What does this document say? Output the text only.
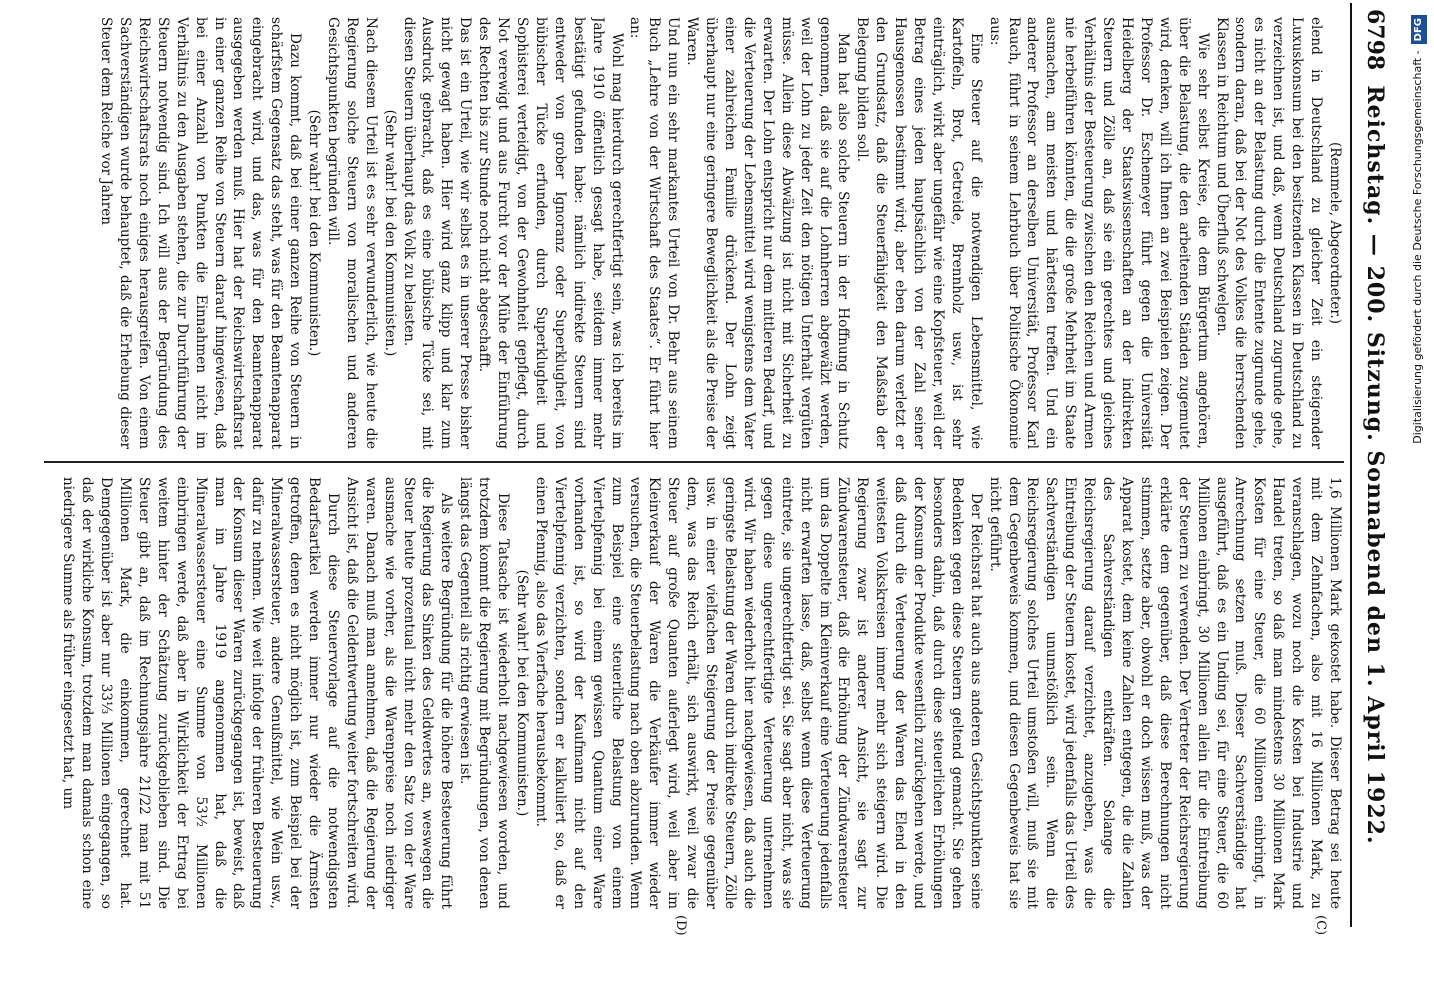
Reichstag. — 200. Sitzung. Sonnabend den 1. April 1922.
6798

(Remmele, Abgeordneter.)

elend in Deutschland zu gleicher Zeit ein steigender Luxuskonsum bei den besitzenden Klassen in Deutschland zu verzeichnen ist, und daß, wenn Deutschland zugrunde gehe, es nicht an der Belastung durch die Entente zugrunde gehe, sondern daran, daß bei der Not des Volkes die herrschenden Klassen in Reichtum und Überfluß schwelgen.

Wie sehr selbst Kreise, die dem Bürgertum angehören, über die Belastung, die den arbeitenden Ständen zugemutet wird, denken, will ich Ihnen an zwei Beispielen zeigen. Der Professor Dr. Eschemeyer führt gegen die Universität Heidelberg der Staatswissenschaften an der indirekten Steuern und Zölle an, daß sie ein gerechtes und gleiches Verhältnis der Besteuerung zwischen den Reichen und Armen nie herbeiführen könnten, die die große Mehrheit im Staate ausmachen, am meisten und härtesten treffen. Und ein anderer Professor an derselben Universität, Professor Karl Rauch, führt in seinem Lehrbuch über Politische Ökonomie aus:

Eine Steuer auf die notwendigen Lebensmittel, wie Kartoffeln, Brot, Getreide, Brennholz usw., ist sehr einträglich, wirkt aber ungefähr wie eine Kopfsteuer, weil der Betrag eines jeden hauptsächlich von der Zahl seiner Hausgenossen bestimmt wird; aber eben darum verletzt er den Grundsatz, daß die Steuerfähigkeit den Maßstab der Belegung bilden soll.

Man hat also solche Steuern in der Hoffnung in Schutz genommen, daß sie auf die Lohnherren abgewälzt werden, weil der Lohn zu jeder Zeit den nötigen Unterhalt vergüten müsse. Allein diese Abwälzung ist nicht mit Sicherheit zu erwarten. Der Lohn entspricht nur dem mittleren Bedarf, und die Verteuerung der Lebensmittel wird wenigstens dem Vater einer zahlreichen Familie drückend. Der Lohn zeigt überhaupt nur eine geringere Beweglichkeit als die Preise der Waren.

Und nun ein sehr markantes Urteil von Dr. Behr aus seinem Buch „Lehre von der Wirtschaft des Staates“. Er führt hier an:

Wohl mag hierdurch gerechtfertigt sein, was ich bereits im Jahre 1910 öffentlich gesagt habe, seitdem immer mehr bestätigt gefunden habe: nämlich indirekte Steuern sind entweder von grober Ignoranz oder Superklugheit, von bübischer Tücke erfunden, durch Superklugheit und Sophisterei verteidigt, von der Gewohnheit gepflegt, durch Not verewigt und aus Furcht vor der Mühe der Einführung des Rechten bis zur Stunde noch nicht abgeschafft.

Das ist ein Urteil, wie wir selbst es in unserer Presse bisher nicht gewagt haben. Hier wird ganz klipp und klar zum Ausdruck gebracht, daß es eine bübische Tücke sei, mit diesen Steuern überhaupt das Volk zu belasten.

(Sehr wahr! bei den Kommunisten.)

Nach diesem Urteil ist es sehr verwunderlich, wie heute die Regierung solche Steuern von moralischen und anderen Gesichtspunkten begründen will.

(Sehr wahr! bei den Kommunisten.)

Dazu kommt, daß bei einer ganzen Reihe von Steuern in schärfstem Gegensatz das steht, was für den Beamtenapparat eingebracht wird, und das, was für den Beamtenapparat ausgegeben werden muß. Hier hat der Reichswirtschaftsrat in einer ganzen Reihe von Steuern darauf hingewiesen, daß bei einer Anzahl von Punkten die Einnahmen nicht im Verhältnis zu den Ausgaben stehen, die zur Durchführung der Steuern notwendig sind. Ich will aus der Begründung des Reichswirtschaftsrats noch einiges herausgreifen. Von einem Sachverständigen wurde behauptet, daß die Erhebung dieser Steuer dem Reiche vor Jahren

1,6 Millionen Mark gekostet habe. Dieser Betrag sei heute mit dem Zehnfachen, also mit 16 Millionen Mark, zu veranschlagen, wozu noch die Kosten bei Industrie und Handel treten, so daß man mindestens 30 Millionen Mark Kosten für eine Steuer, die 60 Millionen einbringt, in Anrechnung setzen muß. Dieser Sachverständige hat ausgeführt, daß es ein Unding sei, für eine Steuer, die 60 Millionen einbringt, 30 Millionen allein für die Eintreibung der Steuern zu verwenden. Der Vertreter der Reichsregierung erklärte dem gegenüber, daß diese Berechnungen nicht stimmen, setzte aber, obwohl er doch wissen muß, was der Apparat kostet, dem keine Zahlen entgegen, die die Zahlen des Sachverständigen entkräften. Solange die Reichsregierung darauf verzichtet, anzugeben, was die Eintreibung der Steuern kostet, wird jedenfalls das Urteil des Sachverständigen unumstößlich sein. Wenn die Reichsregierung solches Urteil umstoßen will, muß sie mit dem Gegenbeweis kommen, und diesen Gegenbeweis hat sie nicht geführt.

Der Reichsrat hat auch aus anderen Gesichtspunkten seine Bedenken gegen diese Steuern geltend gemacht. Sie gehen besonders dahin, daß durch diese steuerlichen Erhöhungen der Konsum der Produkte wesentlich zurückgehen werde, und daß durch die Verteuerung der Waren das Elend in den weitesten Volkskreisen immer mehr sich steigern wird. Die Regierung zwar ist anderer Ansicht, sie sagt zur Zündwarensteuer, daß die Erhöhung der Zündwarensteuer um das Doppelte im Kleinverkauf eine Verteuerung jedenfalls nicht erwarten lasse, daß, selbst wenn diese Verteuerung eintrete, sie ungerechtfertigt sei. Sie sagt aber nicht, was sie gegen diese ungerechtfertigte Verteuerung unternehmen wird. Wir haben wiederholt hier nachgewiesen, daß auch die geringste Belastung der Waren durch indirekte Steuern, Zölle usw. in einer vielfachen Steigerung der Preise gegenüber dem, was das Reich erhält, sich auswirkt, weil zwar die Steuer auf große Quanten auferlegt wird, weil aber im Kleinverkauf der Waren die Verkäufer immer wieder versuchen, die Steuerbelastung nach oben abzurunden. Wenn zum Beispiel eine steuerliche Belastung von einem Viertelpfennig bei einem gewissen Quantum einer Ware vorhanden ist, so wird der Kaufmann nicht auf den Viertelpfennig verzichten, sondern er kalkuliert so, daß er einen Pfennig, also das Vierfache herausbekommt.

(Sehr wahr! bei den Kommunisten.)

Diese Tatsache ist wiederholt nachgewiesen worden, und trotzdem kommt die Regierung mit Begründungen, von denen längst das Gegenteil als richtig erwiesen ist.

Als weitere Begründung für die höhere Besteuerung führt die Regierung das Sinken des Geldwertes an, weswegen die Steuer heute prozentual nicht mehr den Satz von der Ware ausmache wie vorher, als die Warenpreise noch niedriger waren. Danach muß man annehmen, daß die Regierung der Ansicht ist, daß die Geldentwertung weiter fortschreiten wird.

Durch diese Steuervorlage auf die notwendigsten Bedarfsartikel werden immer nur wieder die Ärmsten getroffen, denen es nicht möglich ist, zum Beispiel bei der Mineralwassersteuer, andere Genußmittel, wie Wein usw., dafür zu nehmen. Wie weit infolge der früheren Besteuerung der Konsum dieser Waren zurückgegangen ist, beweist, daß man im Jahre 1919 angenommen hat, daß die Mineralwassersteuer eine Summe von 53½ Millionen einbringen werde, daß aber in Wirklichkeit der Ertrag bei weitem hinter der Schätzung zurückgeblieben sind. Die Steuer gibt an, daß im Rechnungsjahre 21/22 man mit 51 Millionen Mark, die einkommen, gerechnet hat. Demgegenüber ist aber nur 33⅓ Millionen eingegangen, so daß der wirkliche Konsum, trotzdem man damals schon eine niedrigere Summe als früher eingesetzt hat, um

(C)
(D)
Digitalisierung gefördert durch die Deutsche Forschungsgemeinschaft -DFG
